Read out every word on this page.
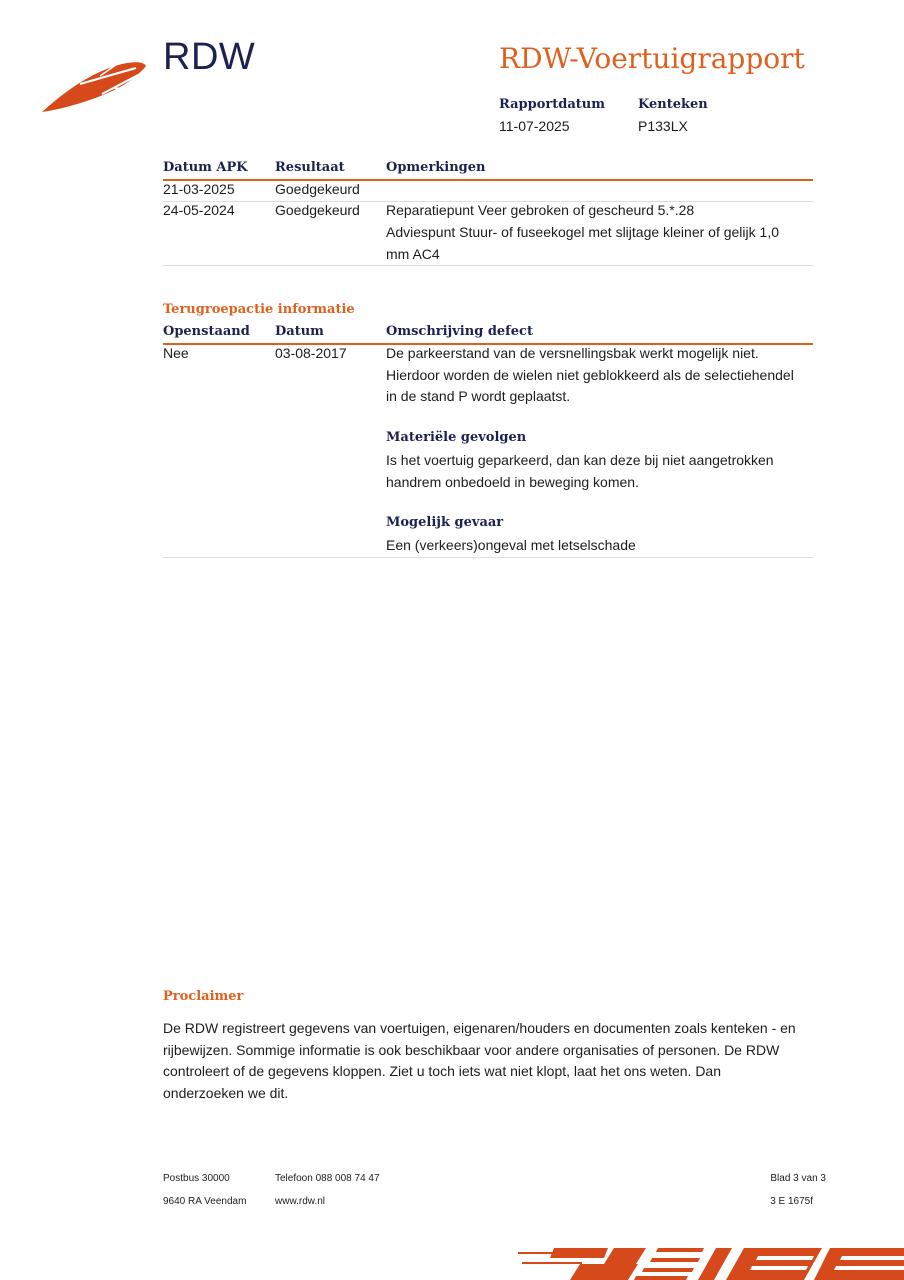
RDW	RDW-Voertuigrapport
Rapportdatum
11-07-2025
Kenteken
P133LX
Datum APK Resultaat	Opmerkingen
21-03-2025	Goedgekeurd
24-05-2024	Goedgekeurd Reparatiepunt Veer gebroken of gescheurd 5.*.28
Adviespunt Stuur- of fuseekogel met slijtage kleiner of gelijk 1,0 mm AC4
Terugroepactie informatie
Openstaand Datum	Omschrijving defect
Nee	03-08-2017	De parkeerstand van de versnellingsbak werkt mogelijk niet. Hierdoor worden de wielen niet geblokkeerd als de selectiehendel in de stand P wordt geplaatst.
Materiële gevolgen
Is het voertuig geparkeerd, dan kan deze bij niet aangetrokken handrem onbedoeld in beweging komen.
Mogelijk gevaar
Een (verkeers)ongeval met letselschade
Proclaimer
De RDW registreert gegevens van voertuigen, eigenaren/houders en documenten zoals kenteken - en rijbewijzen. Sommige informatie is ook beschikbaar voor andere organisaties of personen. De RDW controleert of de gegevens kloppen. Ziet u toch iets wat niet klopt, laat het ons weten. Dan onderzoeken we dit.
Postbus 30000
9640 RA Veendam
Telefoon 088 008 74 47
www.rdw.nl
Blad 3 van 3
3 E 1675f
